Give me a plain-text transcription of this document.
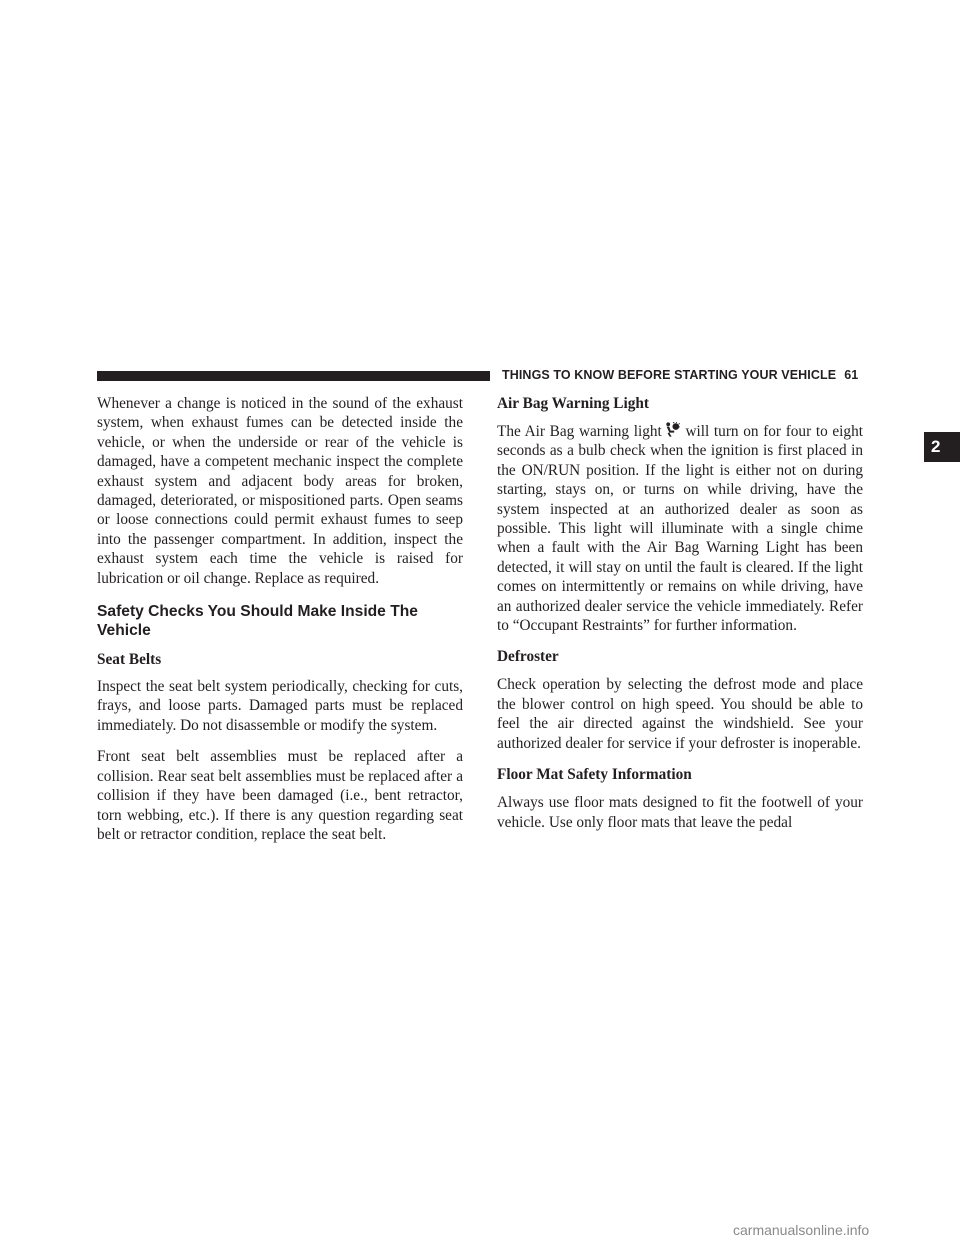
THINGS TO KNOW BEFORE STARTING YOUR VEHICLE 61
2

Whenever a change is noticed in the sound of the exhaust system, when exhaust fumes can be detected inside the vehicle, or when the underside or rear of the vehicle is damaged, have a competent mechanic inspect the complete exhaust system and adjacent body areas for broken, damaged, deteriorated, or mispositioned parts. Open seams or loose connections could permit exhaust fumes to seep into the passenger compartment. In addition, inspect the exhaust system each time the vehicle is raised for lubrication or oil change. Replace as required.

Safety Checks You Should Make Inside The Vehicle
Seat Belts

Inspect the seat belt system periodically, checking for cuts, frays, and loose parts. Damaged parts must be replaced immediately. Do not disassemble or modify the system.

Front seat belt assemblies must be replaced after a collision. Rear seat belt assemblies must be replaced after a collision if they have been damaged (i.e., bent retractor, torn webbing, etc.). If there is any question regarding seat belt or retractor condition, replace the seat belt.

Air Bag Warning Light

The Air Bag warning light will turn on for four to eight seconds as a bulb check when the ignition is first placed in the ON/RUN position. If the light is either not on during starting, stays on, or turns on while driving, have the system inspected at an authorized dealer as soon as possible. This light will illuminate with a single chime when a fault with the Air Bag Warning Light has been detected, it will stay on until the fault is cleared. If the light comes on intermittently or remains on while driving, have an authorized dealer service the vehicle immediately. Refer to “Occupant Restraints” for further information.

Defroster

Check operation by selecting the defrost mode and place the blower control on high speed. You should be able to feel the air directed against the windshield. See your authorized dealer for service if your defroster is inoperable.

Floor Mat Safety Information

Always use floor mats designed to fit the footwell of your vehicle. Use only floor mats that leave the pedal

carmanualsonline.info
